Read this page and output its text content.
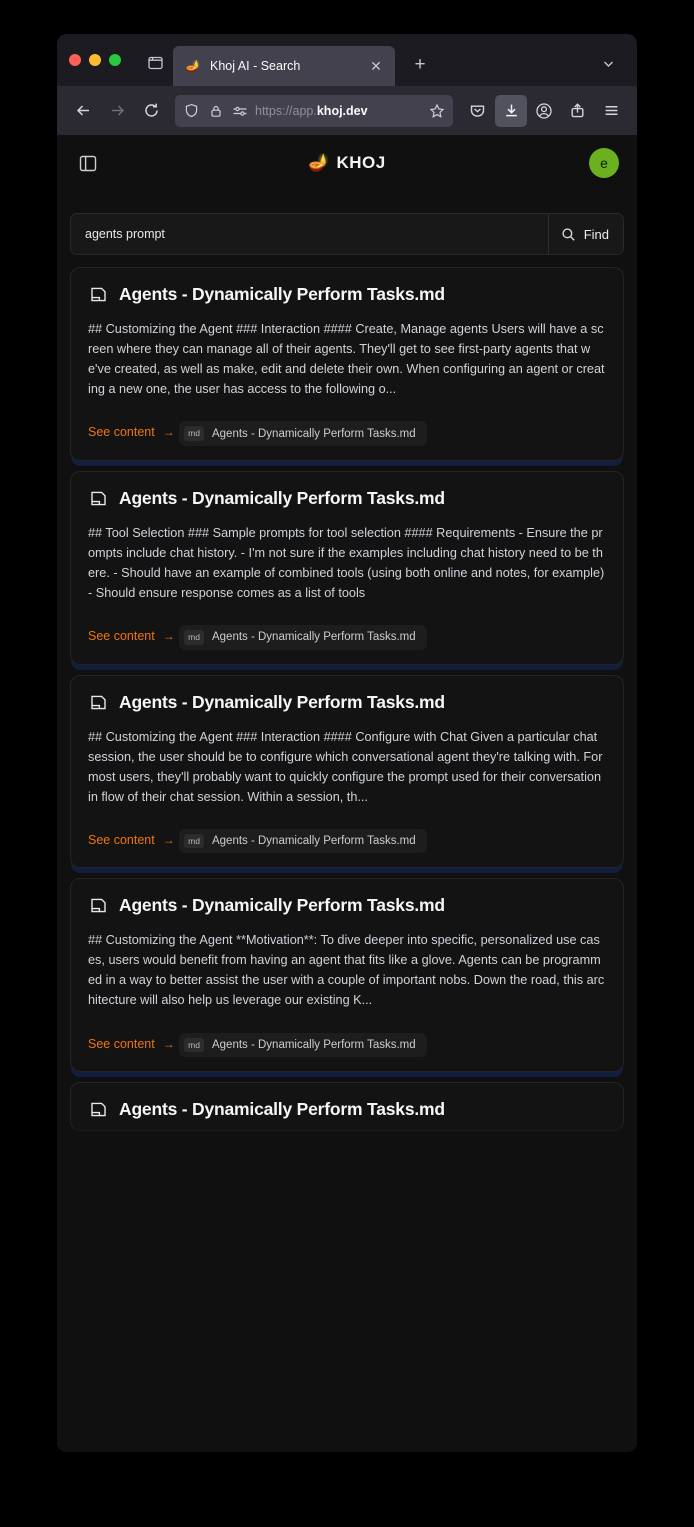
🪔 Khoj AI - Search	✕	+
https://app.khoj.dev
🪔 KHOJ	e
agents prompt
Find
Agents - Dynamically Perform Tasks.md
## Customizing the Agent ### Interaction #### Create, Manage agents Users will have a screen where they can manage all of their agents. They'll get to see first-party agents that we've created, as well as make, edit and delete their own. When configuring an agent or creating a new one, the user has access to the following o...
See content →
	md	Agents - Dynamically Perform Tasks.md
Agents - Dynamically Perform Tasks.md
## Tool Selection ### Sample prompts for tool selection #### Requirements - Ensure the prompts include chat history. - I'm not sure if the examples including chat history need to be there. - Should have an example of combined tools (using both online and notes, for example) - Should ensure response comes as a list of tools
See content →
	md	Agents - Dynamically Perform Tasks.md
Agents - Dynamically Perform Tasks.md
## Customizing the Agent ### Interaction #### Configure with Chat Given a particular chat session, the user should be to configure which conversational agent they're talking with. For most users, they'll probably want to quickly configure the prompt used for their conversation in flow of their chat session. Within a session, th...
See content →
	md	Agents - Dynamically Perform Tasks.md
Agents - Dynamically Perform Tasks.md
## Customizing the Agent **Motivation**: To dive deeper into specific, personalized use cases, users would benefit from having an agent that fits like a glove. Agents can be programmed in a way to better assist the user with a couple of important nobs. Down the road, this architecture will also help us leverage our existing K...
See content →
	md	Agents - Dynamically Perform Tasks.md
Agents - Dynamically Perform Tasks.md
